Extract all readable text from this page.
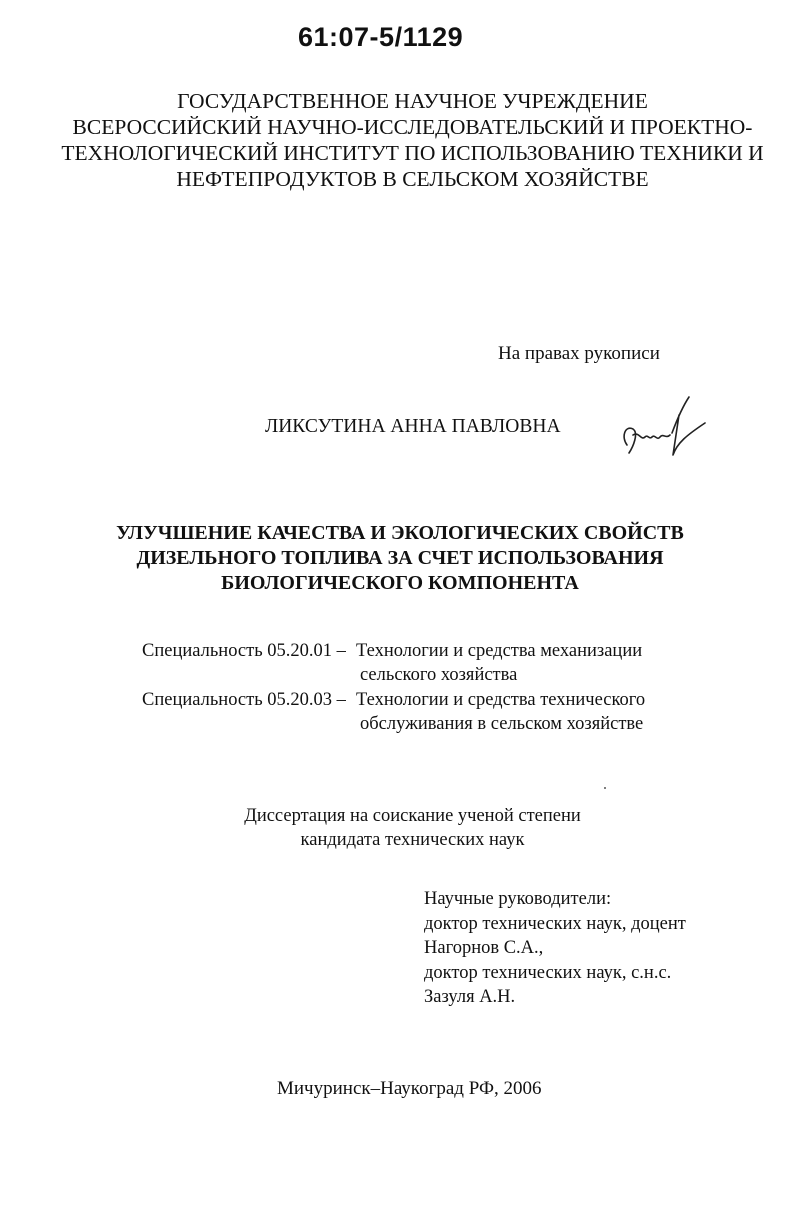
61:07-5/1129
ГОСУДАРСТВЕННОЕ НАУЧНОЕ УЧРЕЖДЕНИЕ
ВСЕРОССИЙСКИЙ НАУЧНО-ИССЛЕДОВАТЕЛЬСКИЙ И ПРОЕКТНО-
ТЕХНОЛОГИЧЕСКИЙ ИНСТИТУТ ПО ИСПОЛЬЗОВАНИЮ ТЕХНИКИ И
НЕФТЕПРОДУКТОВ В СЕЛЬСКОМ ХОЗЯЙСТВЕ
На правах рукописи
ЛИКСУТИНА АННА ПАВЛОВНА
УЛУЧШЕНИЕ КАЧЕСТВА И ЭКОЛОГИЧЕСКИХ СВОЙСТВ
ДИЗЕЛЬНОГО ТОПЛИВА ЗА СЧЕТ ИСПОЛЬЗОВАНИЯ
БИОЛОГИЧЕСКОГО КОМПОНЕНТА
Специальность 05.20.01 – Технологии и средства механизации
сельского хозяйства
Специальность 05.20.03 – Технологии и средства технического
обслуживания в сельском хозяйстве
Диссертация на соискание ученой степени
кандидата технических наук
Научные руководители:
доктор технических наук, доцент
Нагорнов С.А.,
доктор технических наук, с.н.с.
Зазуля А.Н.
Мичуринск–Наукоград РФ, 2006
